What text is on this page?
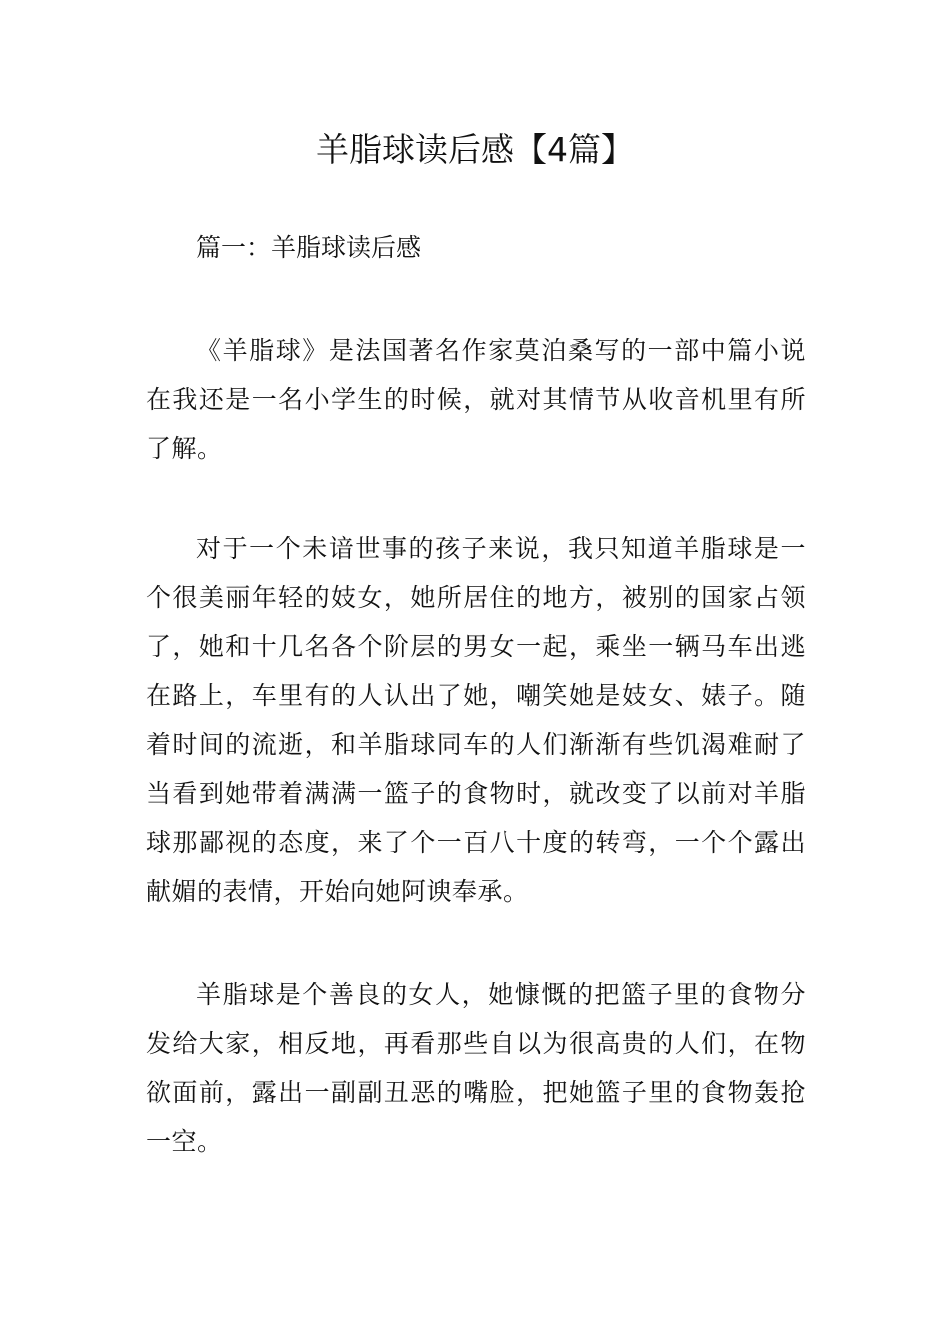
羊脂球读后感【4篇】

篇一：羊脂球读后感

《羊脂球》是法国著名作家莫泊桑写的一部中篇小说在我还是一名小学生的时候，就对其情节从收音机里有所了解。

对于一个未谙世事的孩子来说，我只知道羊脂球是一个很美丽年轻的妓女，她所居住的地方，被别的国家占领了，她和十几名各个阶层的男女一起，乘坐一辆马车出逃在路上，车里有的人认出了她，嘲笑她是妓女、婊子。随着时间的流逝，和羊脂球同车的人们渐渐有些饥渴难耐了当看到她带着满满一篮子的食物时，就改变了以前对羊脂球那鄙视的态度，来了个一百八十度的转弯，一个个露出献媚的表情，开始向她阿谀奉承。

羊脂球是个善良的女人，她慷慨的把篮子里的食物分发给大家，相反地，再看那些自以为很高贵的人们，在物欲面前，露出一副副丑恶的嘴脸，把她篮子里的食物轰抢一空。
